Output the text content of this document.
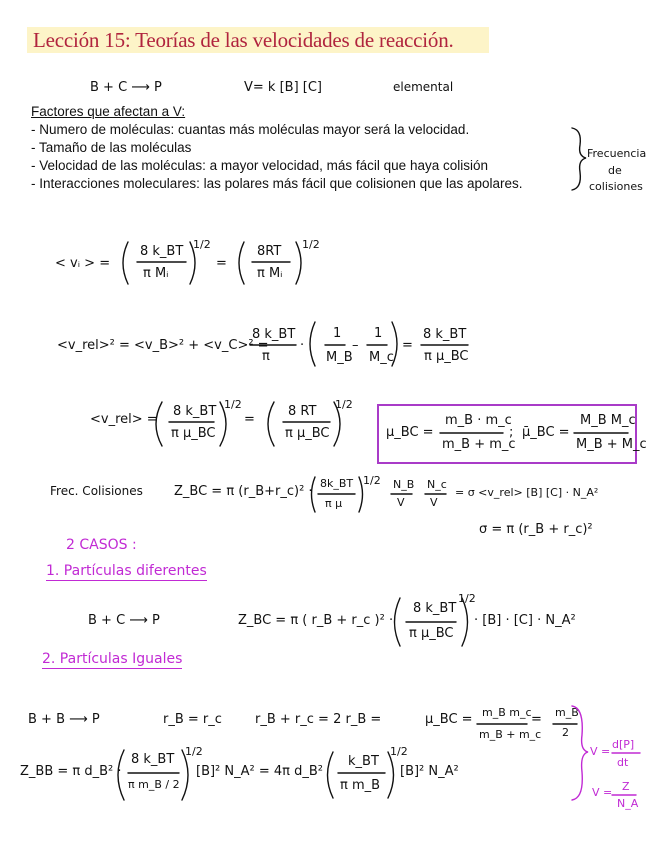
Lección 15: Teorías de las velocidades de reacción.
B + C ⟶ P	V= k [B] [C]	elemental
Factores que afectan a V:
- Numero de moléculas: cuantas más moléculas mayor será la velocidad.
- Tamaño de las moléculas
- Velocidad de las moléculas: a mayor velocidad, más fácil que haya colisión
- Interacciones moleculares: las polares más fácil que colisionen que las apolares.
Frecuencia
de
colisiones
< vᵢ > =
8 k_BT
π Mᵢ
1/2
=
8RT
π Mᵢ
1/2
<v_rel>² = <v_B>² + <v_C>² =
8 k_BT
π
·
1
M_B
–
1
M_c
=
8 k_BT
π μ_BC
<v_rel> =
8 k_BT
π μ_BC
1/2
=
8 RT
π μ_BC
1/2
μ_BC =
m_B · m_c
m_B + m_c
; μ̄_BC =
M_B M_c
M_B + M_c
Frec. Colisiones Z_BC = π (r_B+r_c)² ·
8k_BT
π μ
1/2 N_B
V
N_c
V
= σ <v_rel> [B] [C] · N_A²
σ = π (r_B + r_c)²
2 CASOS :
1. Partículas diferentes
B + C ⟶ P	Z_BC = π ( r_B + r_c )² ·
8 k_BT
π μ_BC
1/2
· [B] · [C] · N_A²
2. Partículas Iguales
B + B ⟶ P	r_B = r_c	r_B + r_c = 2 r_B =	μ_BC = m_B m_c
m_B + m_c
= m_B
2
Z_BB = π d_B² ·
8 k_BT
π m_B / 2
1/2
[B]² N_A² = 4π d_B²
k_BT
π m_B
1/2
[B]² N_A²
V =
d[P]
dt
V = Z
N_A
